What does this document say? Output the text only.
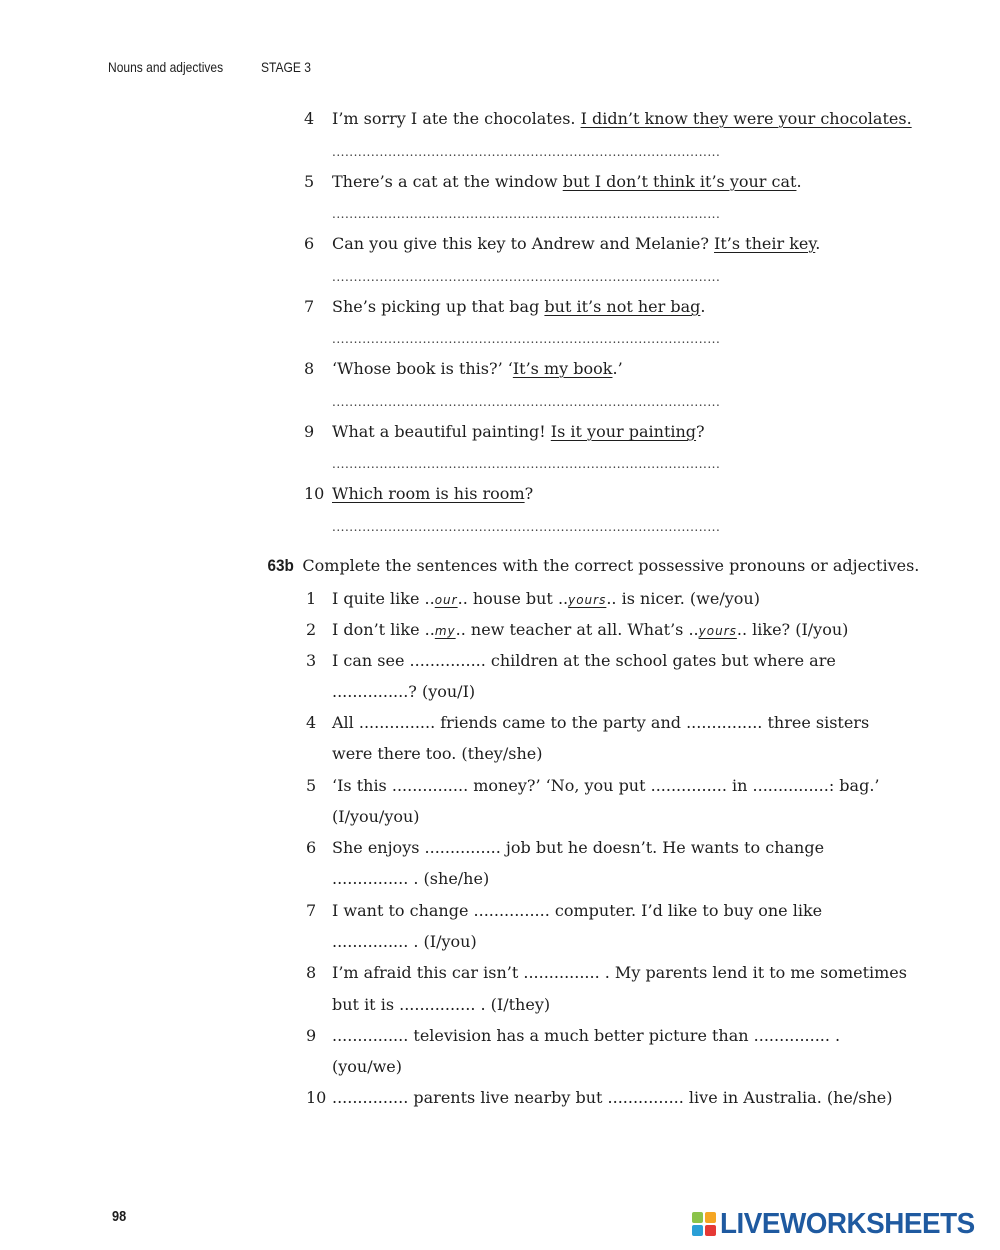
Nouns and adjectives	STAGE 3
4 I’m sorry I ate the chocolates. I didn’t know they were your chocolates.
..........................................................................................
5 There’s a cat at the window but I don’t think it’s your cat.
..........................................................................................
6 Can you give this key to Andrew and Melanie? It’s their key.
..........................................................................................
7 She’s picking up that bag but it’s not her bag.
..........................................................................................
8 ‘Whose book is this?’ ‘It’s my book.’
..........................................................................................
9 What a beautiful painting! Is it your painting?
..........................................................................................
10 Which room is his room?
..........................................................................................
63b Complete the sentences with the correct possessive pronouns or adjectives.
1 I quite like ..our.. house but ..yours.. is nicer. (we/you)
2 I don’t like ..my.. new teacher at all. What’s ..yours.. like? (I/you)
3 I can see ............... children at the school gates but where are
...............? (you/I)
4 All ............... friends came to the party and ............... three sisters
were there too. (they/she)
5 ‘Is this ............... money?’ ‘No, you put ............... in ...............: bag.’
(I/you/you)
6 She enjoys ............... job but he doesn’t. He wants to change
............... . (she/he)
7 I want to change ............... computer. I’d like to buy one like
............... . (I/you)
8 I’m afraid this car isn’t ............... . My parents lend it to me sometimes
but it is ............... . (I/they)
9 ............... television has a much better picture than ............... .
(you/we)
10 ............... parents live nearby but ............... live in Australia. (he/she)
98	LIVEWORKSHEETS
